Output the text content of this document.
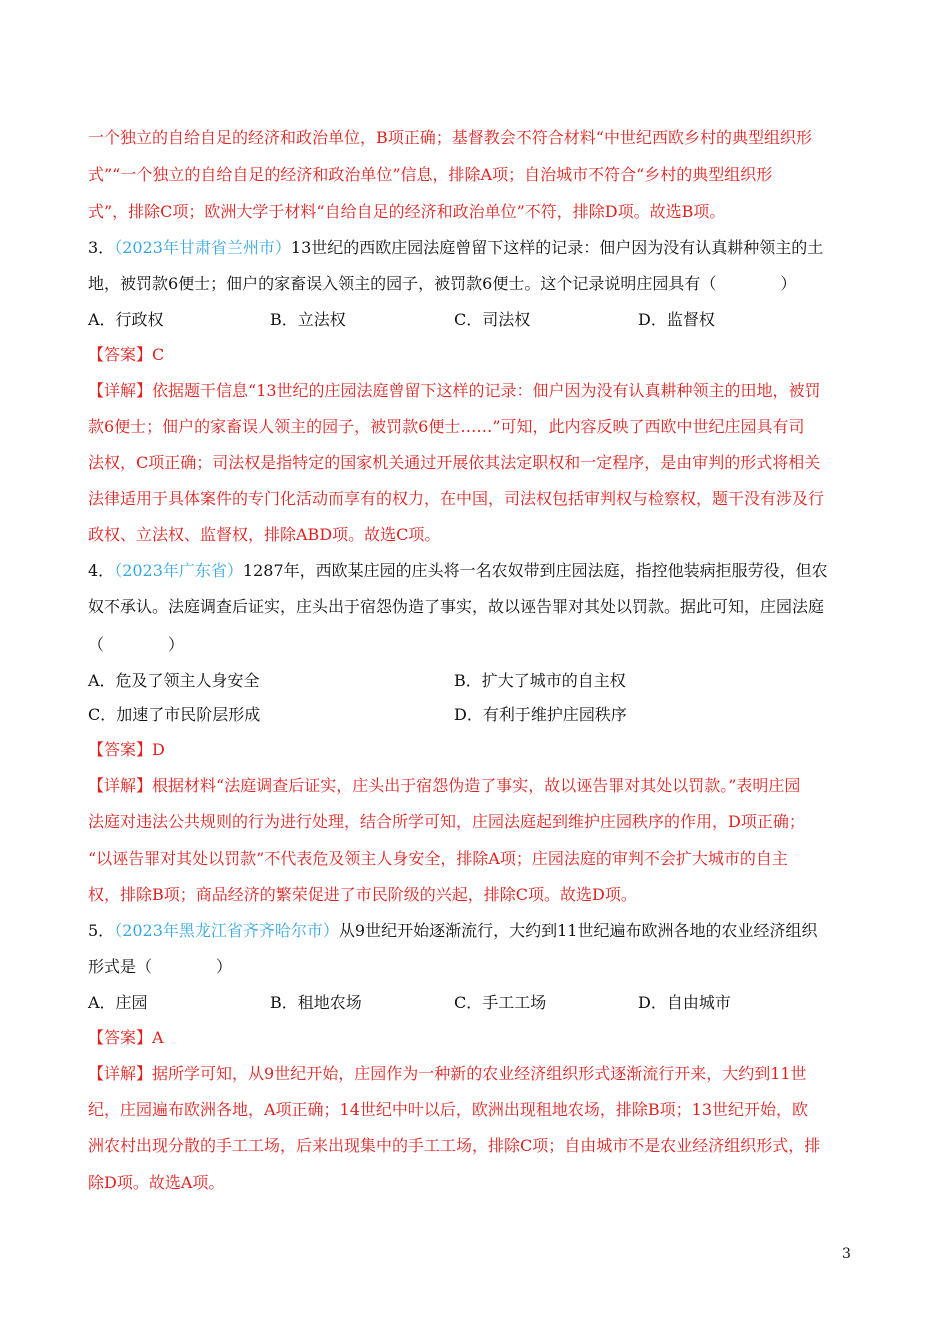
一个独立的自给自足的经济和政治单位，B项正确；基督教会不符合材料“中世纪西欧乡村的典型组织形
式”“一个独立的自给自足的经济和政治单位”信息，排除A项；自治城市不符合“乡村的典型组织形
式”，排除C项；欧洲大学于材料“自给自足的经济和政治单位”不符，排除D项。故选B项。
3．（2023年甘肃省兰州市）13世纪的西欧庄园法庭曾留下这样的记录：佃户因为没有认真耕种领主的土
地，被罚款6便士；佃户的家畜误入领主的园子，被罚款6便士。这个记录说明庄园具有（　　　　）
A．行政权	B．立法权	C．司法权	D．监督权
【答案】C
【详解】依据题干信息“13世纪的庄园法庭曾留下这样的记录：佃户因为没有认真耕种领主的田地，被罚
款6便士；佃户的家畜误人领主的园子，被罚款6便士……”可知，此内容反映了西欧中世纪庄园具有司
法权，C项正确；司法权是指特定的国家机关通过开展依其法定职权和一定程序，是由审判的形式将相关
法律适用于具体案件的专门化活动而享有的权力，在中国，司法权包括审判权与检察权，题干没有涉及行
政权、立法权、监督权，排除ABD项。故选C项。
4．（2023年广东省）1287年，西欧某庄园的庄头将一名农奴带到庄园法庭，指控他装病拒服劳役，但农
奴不承认。法庭调查后证实，庄头出于宿怨伪造了事实，故以诬告罪对其处以罚款。据此可知，庄园法庭
（　　　　）
A．危及了领主人身安全	B．扩大了城市的自主权
C．加速了市民阶层形成	D．有利于维护庄园秩序
【答案】D
【详解】根据材料“法庭调查后证实，庄头出于宿怨伪造了事实，故以诬告罪对其处以罚款。”表明庄园
法庭对违法公共规则的行为进行处理，结合所学可知，庄园法庭起到维护庄园秩序的作用，D项正确；
“以诬告罪对其处以罚款”不代表危及领主人身安全，排除A项；庄园法庭的审判不会扩大城市的自主
权，排除B项；商品经济的繁荣促进了市民阶级的兴起，排除C项。故选D项。
5．（2023年黑龙江省齐齐哈尔市）从9世纪开始逐渐流行，大约到11世纪遍布欧洲各地的农业经济组织
形式是（　　　　）
A．庄园	B．租地农场	C．手工工场	D．自由城市
【答案】A
【详解】据所学可知，从9世纪开始，庄园作为一种新的农业经济组织形式逐渐流行开来，大约到11世
纪，庄园遍布欧洲各地，A项正确；14世纪中叶以后，欧洲出现租地农场，排除B项；13世纪开始，欧
洲农村出现分散的手工工场，后来出现集中的手工工场，排除C项；自由城市不是农业经济组织形式，排
除D项。故选A项。
3
